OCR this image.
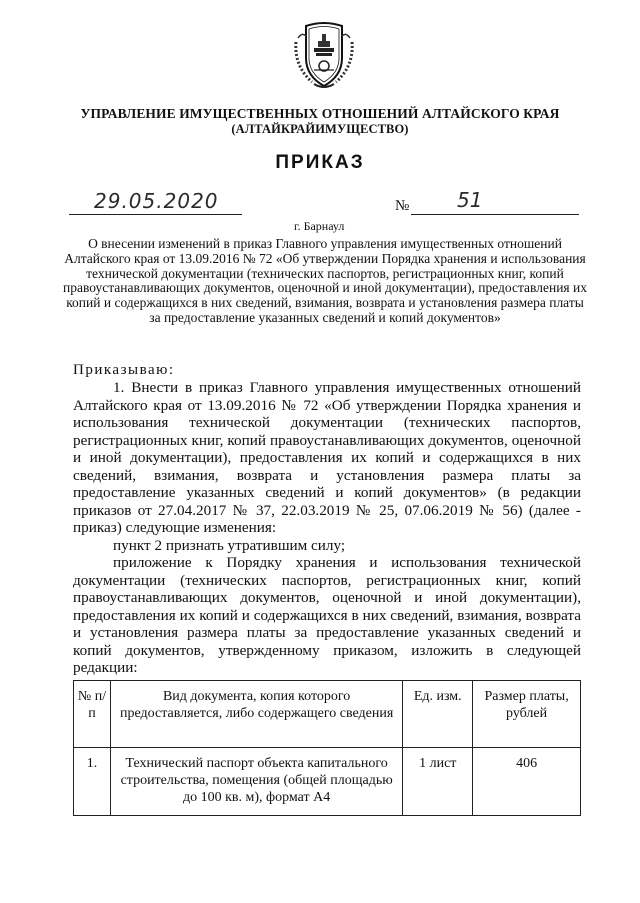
УПРАВЛЕНИЕ ИМУЩЕСТВЕННЫХ ОТНОШЕНИЙ АЛТАЙСКОГО КРАЯ
(АЛТАЙКРАЙИМУЩЕСТВО)
ПРИКАЗ
29.05.2020	№ 51
г. Барнаул
О внесении изменений в приказ Главного управления имущественных отношений Алтайского края от 13.09.2016 № 72 «Об утверждении Порядка хранения и использования технической документации (технических паспортов, регистрационных книг, копий правоустанавливающих документов, оценочной и иной документации), предоставления их копий и содержащихся в них сведений, взимания, возврата и установления размера платы за предоставление указанных сведений и копий документов»
Приказываю:

1. Внести в приказ Главного управления имущественных отношений Алтайского края от 13.09.2016 № 72 «Об утверждении Порядка хранения и использования технической документации (технических паспортов, регистрационных книг, копий правоустанавливающих документов, оценочной и иной документации), предоставления их копий и содержащихся в них сведений, взимания, возврата и установления размера платы за предоставление указанных сведений и копий документов» (в редакции приказов от 27.04.2017 № 37, 22.03.2019 № 25, 07.06.2019 № 56) (далее - приказ) следующие изменения:

пункт 2 признать утратившим силу;

приложение к Порядку хранения и использования технической документации (технических паспортов, регистрационных книг, копий правоустанавливающих документов, оценочной и иной документации), предоставления их копий и содержащихся в них сведений, взимания, возврата и установления размера платы за предоставление указанных сведений и копий документов, утвержденному приказом, изложить в следующей редакции:

№ п/п	Вид документа, копия которого предоставляется, либо содержащего сведения	Ед. изм.	Размер платы, рублей
1.	Технический паспорт объекта капитального строительства, помещения (общей площадью до 100 кв. м), формат А4	1 лист	406
